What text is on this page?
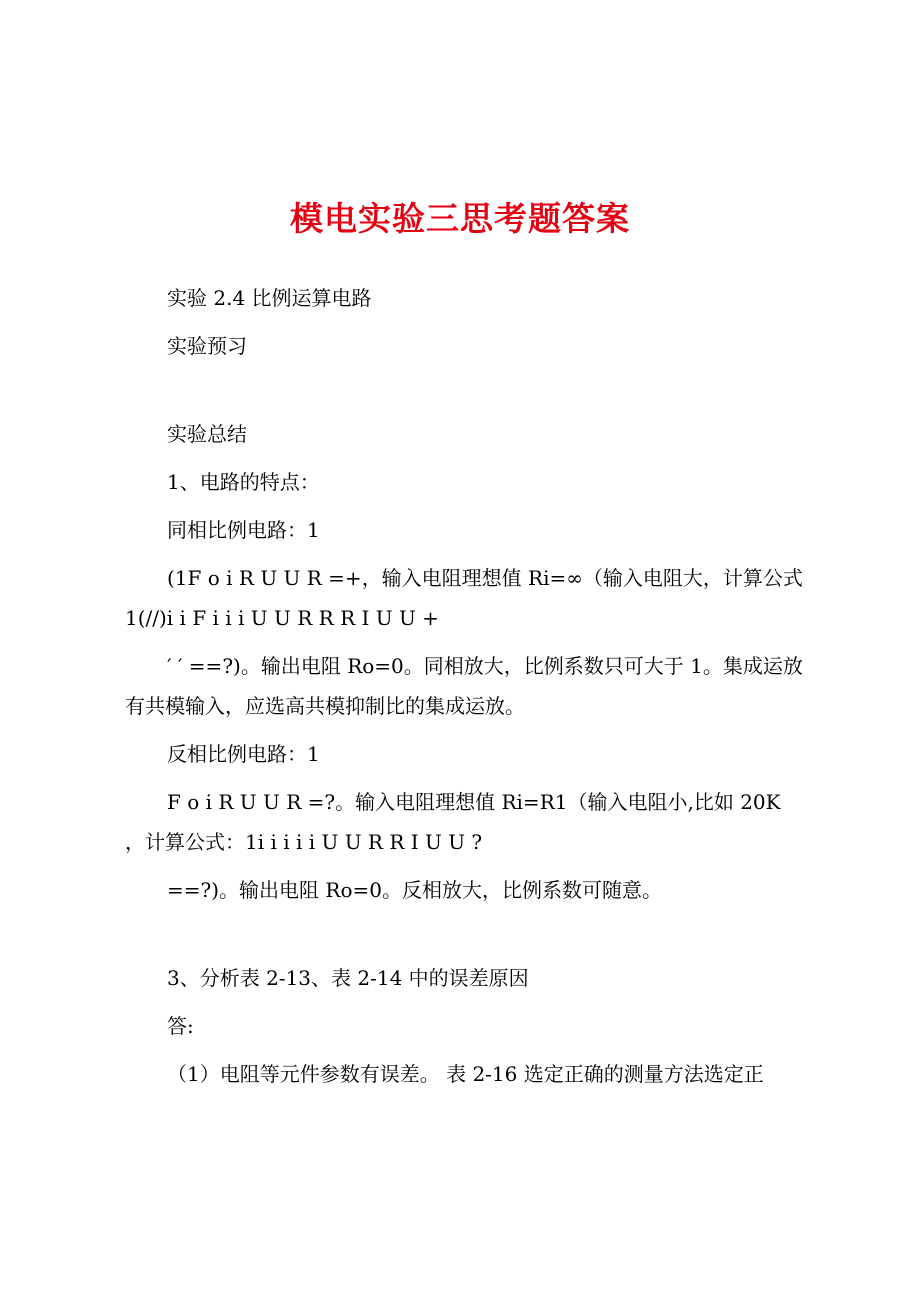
模电实验三思考题答案

实验 2.4 比例运算电路

实验预习

实验总结

1、电路的特点：

同相比例电路：1

(1F o i R U U R =+，输入电阻理想值 Ri=∞（输入电阻大，计算公式 1(//)i i F i i i U U R R R I U U +

′ ′ ==?)。输出电阻 Ro=0。同相放大，比例系数只可大于 1。集成运放有共模输入，应选高共模抑制比的集成运放。

反相比例电路：1

F o i R U U R =?。输入电阻理想值 Ri=R1（输入电阻小,比如 20K ，计算公式：1i i i i i U U R R I U U ?

==?)。输出电阻 Ro=0。反相放大，比例系数可随意。

3、分析表 2-13、表 2-14 中的误差原因

答:

（1）电阻等元件参数有误差。 表 2-16 选定正确的测量方法选定正
